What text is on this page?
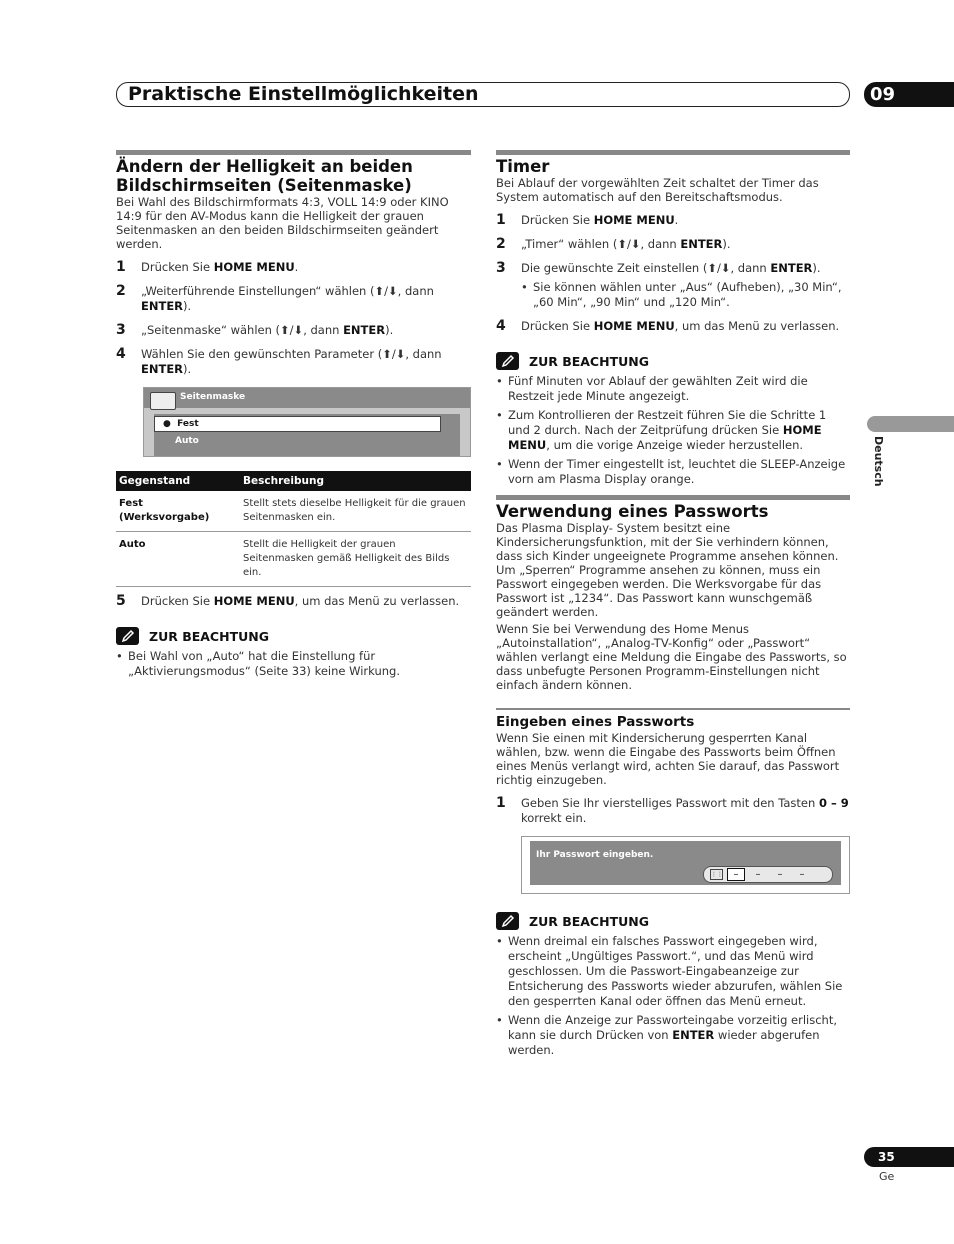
Praktische Einstellmöglichkeiten	09
Deutsch
Ändern der Helligkeit an beiden Bildschirmseiten (Seitenmaske)

Bei Wahl des Bildschirmformats 4:3, VOLL 14:9 oder KINO 14:9 für den AV-Modus kann die Helligkeit der grauen Seitenmasken an den beiden Bildschirmseiten geändert werden.

1	Drücken Sie HOME MENU.
2	„Weiterführende Einstellungen“ wählen (⬆/⬇, dann ENTER).
3	„Seitenmaske“ wählen (⬆/⬇, dann ENTER).
4	Wählen Sie den gewünschten Parameter (⬆/⬇, dann ENTER).
Seitenmaske
● Fest
Auto
Gegenstand	Beschreibung
Fest
(Werksvorgabe)	Stellt stets dieselbe Helligkeit für die grauen Seitenmasken ein.
Auto	Stellt die Helligkeit der grauen Seitenmasken gemäß Helligkeit des Bilds ein.
5	Drücken Sie HOME MENU, um das Menü zu verlassen.
ZUR BEACHTUNG
• Bei Wahl von „Auto“ hat die Einstellung für „Aktivierungsmodus“ (Seite 33) keine Wirkung.
Timer

Bei Ablauf der vorgewählten Zeit schaltet der Timer das System automatisch auf den Bereitschaftsmodus.

1	Drücken Sie HOME MENU.
2	„Timer“ wählen (⬆/⬇, dann ENTER).
3	Die gewünschte Zeit einstellen (⬆/⬇, dann ENTER).
• Sie können wählen unter „Aus“ (Aufheben), „30 Min“, „60 Min“, „90 Min“ und „120 Min“.
4	Drücken Sie HOME MENU, um das Menü zu verlassen.
ZUR BEACHTUNG
• Fünf Minuten vor Ablauf der gewählten Zeit wird die Restzeit jede Minute angezeigt.
• Zum Kontrollieren der Restzeit führen Sie die Schritte 1 und 2 durch. Nach der Zeitprüfung drücken Sie HOME MENU, um die vorige Anzeige wieder herzustellen.
• Wenn der Timer eingestellt ist, leuchtet die SLEEP-Anzeige vorn am Plasma Display orange.
Verwendung eines Passworts

Das Plasma Display- System besitzt eine Kindersicherungsfunktion, mit der Sie verhindern können, dass sich Kinder ungeeignete Programme ansehen können. Um „Sperren“ Programme ansehen zu können, muss ein Passwort eingegeben werden. Die Werksvorgabe für das Passwort ist „1234“. Das Passwort kann wunschgemäß geändert werden.

Wenn Sie bei Verwendung des Home Menus „Autoinstallation“, „Analog-TV-Konfig“ oder „Passwort“ wählen verlangt eine Meldung die Eingabe des Passworts, so dass unbefugte Personen Programm-Einstellungen nicht einfach ändern können.

Eingeben eines Passworts

Wenn Sie einen mit Kindersicherung gesperrten Kanal wählen, bzw. wenn die Eingabe des Passworts beim Öffnen eines Menüs verlangt wird, achten Sie darauf, das Passwort richtig einzugeben.

1	Geben Sie Ihr vierstelliges Passwort mit den Tasten 0 – 9 korrekt ein.
Ihr Passwort eingeben.
⋮⋮	–	–	–	–
ZUR BEACHTUNG
• Wenn dreimal ein falsches Passwort eingegeben wird, erscheint „Ungültiges Passwort.“, und das Menü wird geschlossen. Um die Passwort-Eingabeanzeige zur Entsicherung des Passworts wieder abzurufen, wählen Sie den gesperrten Kanal oder öffnen das Menü erneut.
• Wenn die Anzeige zur Passworteingabe vorzeitig erlischt, kann sie durch Drücken von ENTER wieder abgerufen werden.
35
Ge
